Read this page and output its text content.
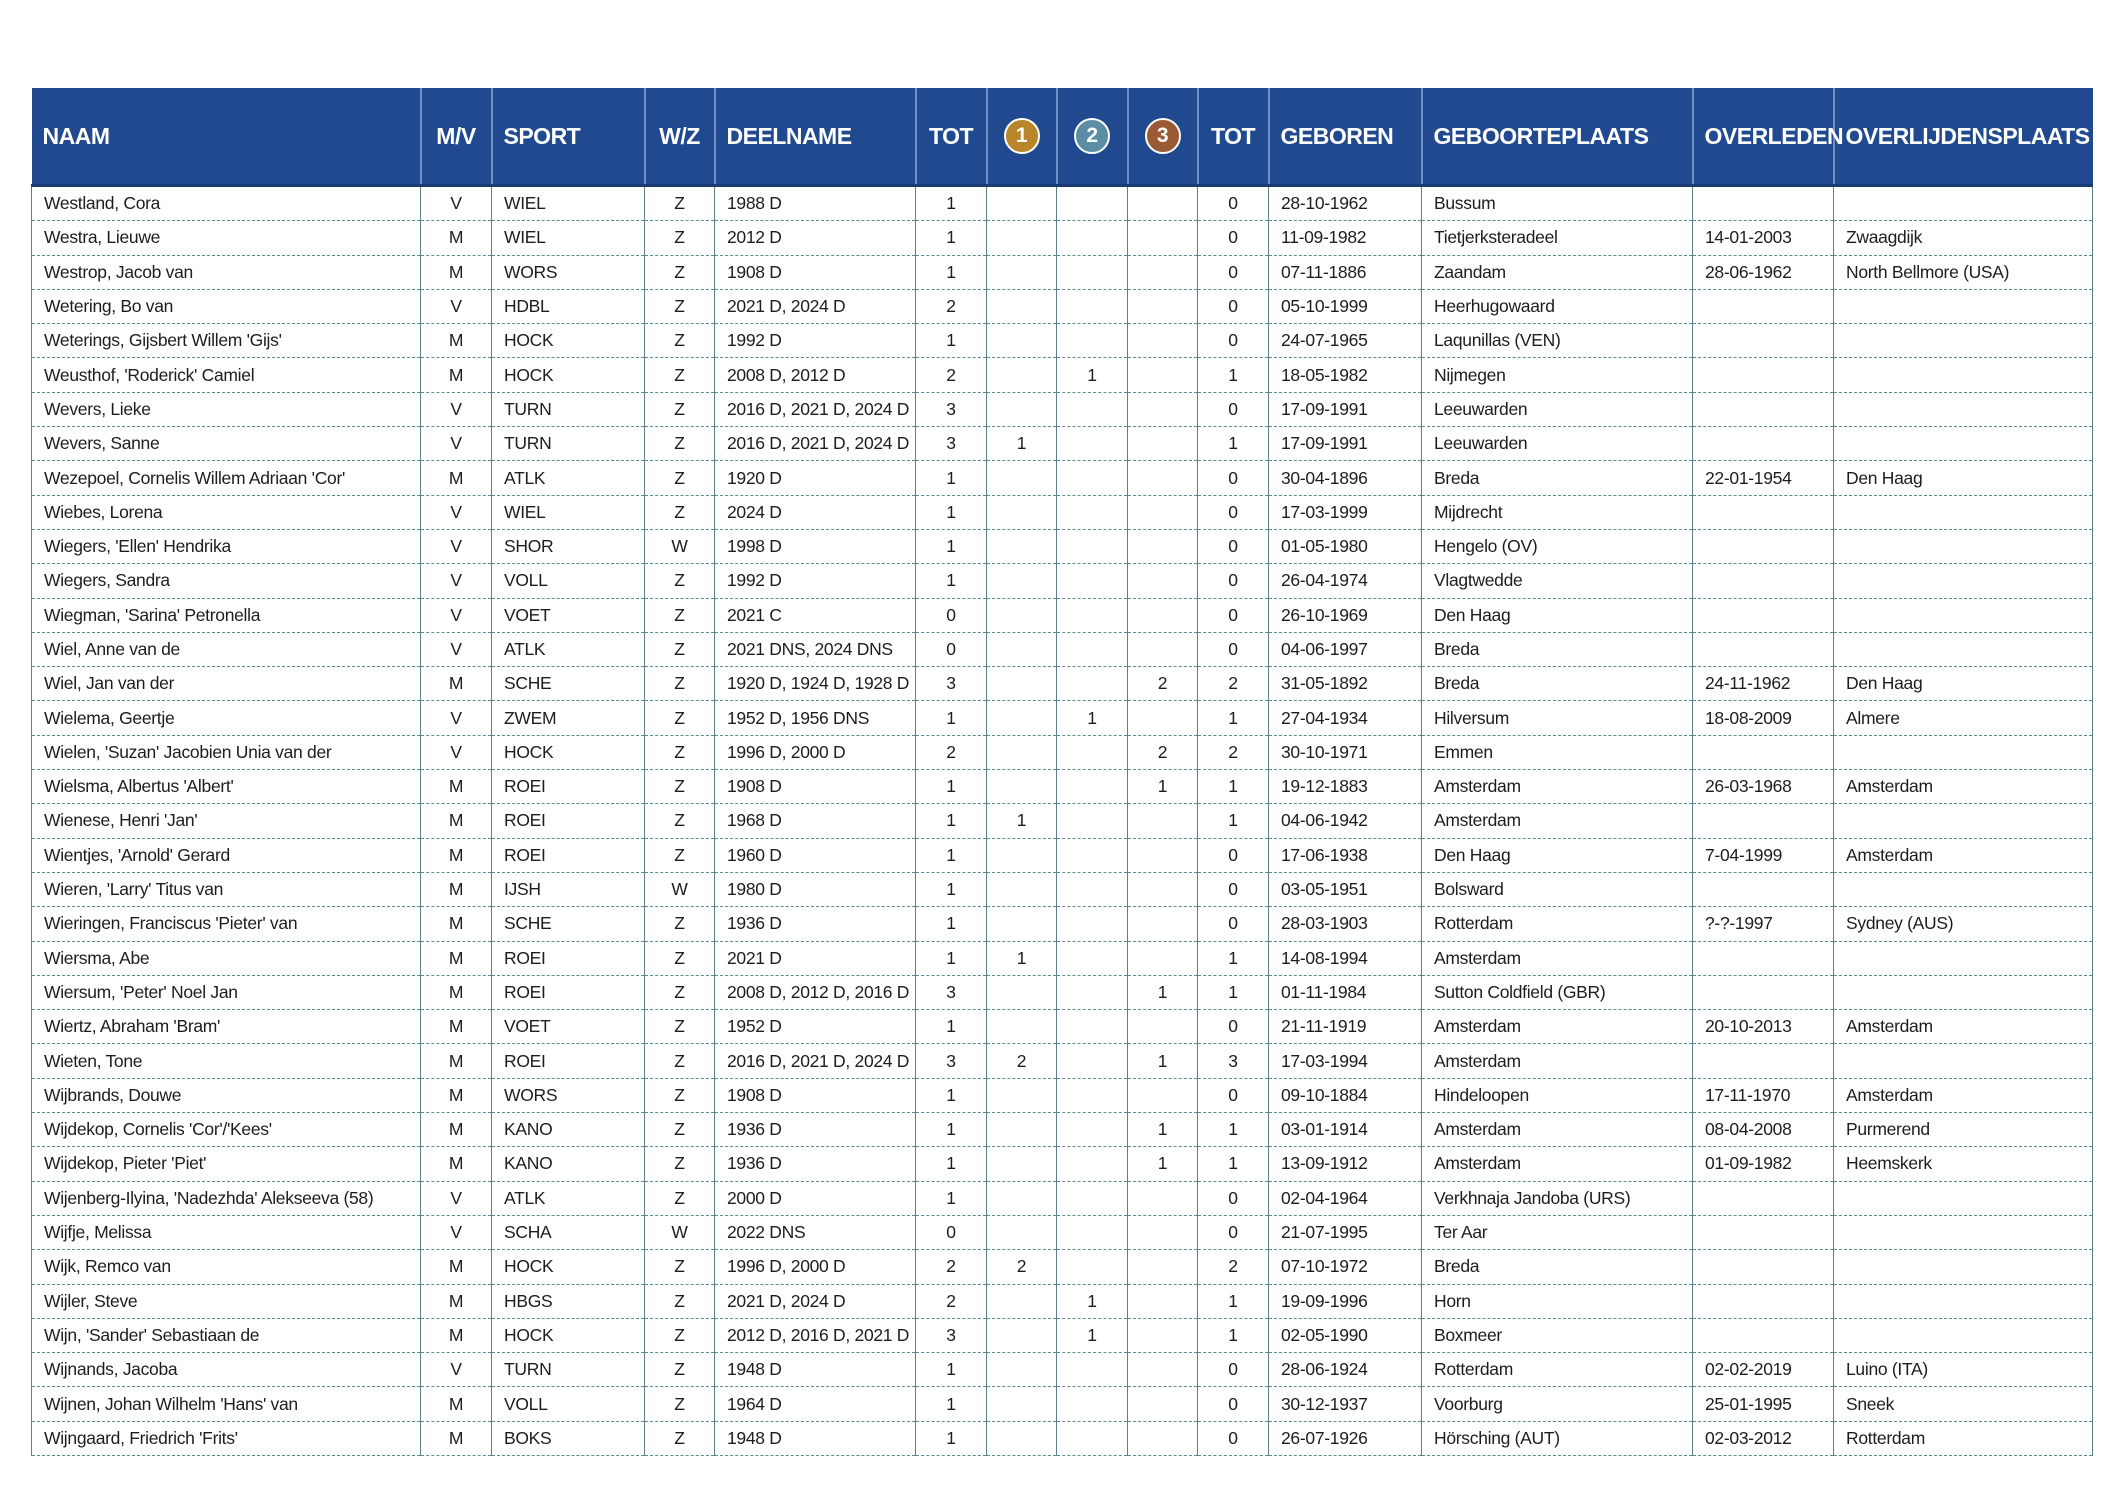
NAAM	M/V	SPORT	W/Z	DEELNAME	TOT	1	2	3	TOT	GEBOREN	GEBOORTEPLAATS	OVERLEDEN	OVERLIJDENSPLAATS
Westland, Cora	V	WIEL	Z	1988 D	1				0	28-10-1962	Bussum		
Westra, Lieuwe	M	WIEL	Z	2012 D	1				0	11-09-1982	Tietjerksteradeel	14-01-2003	Zwaagdijk
Westrop, Jacob van	M	WORS	Z	1908 D	1				0	07-11-1886	Zaandam	28-06-1962	North Bellmore (USA)
Wetering, Bo van	V	HDBL	Z	2021 D, 2024 D	2				0	05-10-1999	Heerhugowaard		
Weterings, Gijsbert Willem 'Gijs'	M	HOCK	Z	1992 D	1				0	24-07-1965	Laqunillas (VEN)		
Weusthof, 'Roderick' Camiel	M	HOCK	Z	2008 D, 2012 D	2		1		1	18-05-1982	Nijmegen		
Wevers, Lieke	V	TURN	Z	2016 D, 2021 D, 2024 D	3				0	17-09-1991	Leeuwarden		
Wevers, Sanne	V	TURN	Z	2016 D, 2021 D, 2024 D	3	1			1	17-09-1991	Leeuwarden		
Wezepoel, Cornelis Willem Adriaan 'Cor'	M	ATLK	Z	1920 D	1				0	30-04-1896	Breda	22-01-1954	Den Haag
Wiebes, Lorena	V	WIEL	Z	2024 D	1				0	17-03-1999	Mijdrecht		
Wiegers, 'Ellen' Hendrika	V	SHOR	W	1998 D	1				0	01-05-1980	Hengelo (OV)		
Wiegers, Sandra	V	VOLL	Z	1992 D	1				0	26-04-1974	Vlagtwedde		
Wiegman, 'Sarina' Petronella	V	VOET	Z	2021 C	0				0	26-10-1969	Den Haag		
Wiel, Anne van de	V	ATLK	Z	2021 DNS, 2024 DNS	0				0	04-06-1997	Breda		
Wiel, Jan van der	M	SCHE	Z	1920 D, 1924 D, 1928 D	3			2	2	31-05-1892	Breda	24-11-1962	Den Haag
Wielema, Geertje	V	ZWEM	Z	1952 D, 1956 DNS	1		1		1	27-04-1934	Hilversum	18-08-2009	Almere
Wielen, 'Suzan' Jacobien Unia van der	V	HOCK	Z	1996 D, 2000 D	2			2	2	30-10-1971	Emmen		
Wielsma, Albertus 'Albert'	M	ROEI	Z	1908 D	1			1	1	19-12-1883	Amsterdam	26-03-1968	Amsterdam
Wienese, Henri 'Jan'	M	ROEI	Z	1968 D	1	1			1	04-06-1942	Amsterdam		
Wientjes, 'Arnold' Gerard	M	ROEI	Z	1960 D	1				0	17-06-1938	Den Haag	7-04-1999	Amsterdam
Wieren, 'Larry' Titus van	M	IJSH	W	1980 D	1				0	03-05-1951	Bolsward		
Wieringen, Franciscus 'Pieter' van	M	SCHE	Z	1936 D	1				0	28-03-1903	Rotterdam	?-?-1997	Sydney (AUS)
Wiersma, Abe	M	ROEI	Z	2021 D	1	1			1	14-08-1994	Amsterdam		
Wiersum, 'Peter' Noel Jan	M	ROEI	Z	2008 D, 2012 D, 2016 D	3			1	1	01-11-1984	Sutton Coldfield (GBR)		
Wiertz, Abraham 'Bram'	M	VOET	Z	1952 D	1				0	21-11-1919	Amsterdam	20-10-2013	Amsterdam
Wieten, Tone	M	ROEI	Z	2016 D, 2021 D, 2024 D	3	2		1	3	17-03-1994	Amsterdam		
Wijbrands, Douwe	M	WORS	Z	1908 D	1				0	09-10-1884	Hindeloopen	17-11-1970	Amsterdam
Wijdekop, Cornelis 'Cor'/'Kees'	M	KANO	Z	1936 D	1			1	1	03-01-1914	Amsterdam	08-04-2008	Purmerend
Wijdekop, Pieter 'Piet'	M	KANO	Z	1936 D	1			1	1	13-09-1912	Amsterdam	01-09-1982	Heemskerk
Wijenberg-Ilyina, 'Nadezhda' Alekseeva (58)	V	ATLK	Z	2000 D	1				0	02-04-1964	Verkhnaja Jandoba (URS)		
Wijfje, Melissa	V	SCHA	W	2022 DNS	0				0	21-07-1995	Ter Aar		
Wijk, Remco van	M	HOCK	Z	1996 D, 2000 D	2	2			2	07-10-1972	Breda		
Wijler, Steve	M	HBGS	Z	2021 D, 2024 D	2		1		1	19-09-1996	Horn		
Wijn, 'Sander' Sebastiaan de	M	HOCK	Z	2012 D, 2016 D, 2021 D	3		1		1	02-05-1990	Boxmeer		
Wijnands, Jacoba	V	TURN	Z	1948 D	1				0	28-06-1924	Rotterdam	02-02-2019	Luino (ITA)
Wijnen, Johan Wilhelm 'Hans' van	M	VOLL	Z	1964 D	1				0	30-12-1937	Voorburg	25-01-1995	Sneek
Wijngaard, Friedrich 'Frits'	M	BOKS	Z	1948 D	1				0	26-07-1926	Hörsching (AUT)	02-03-2012	Rotterdam
